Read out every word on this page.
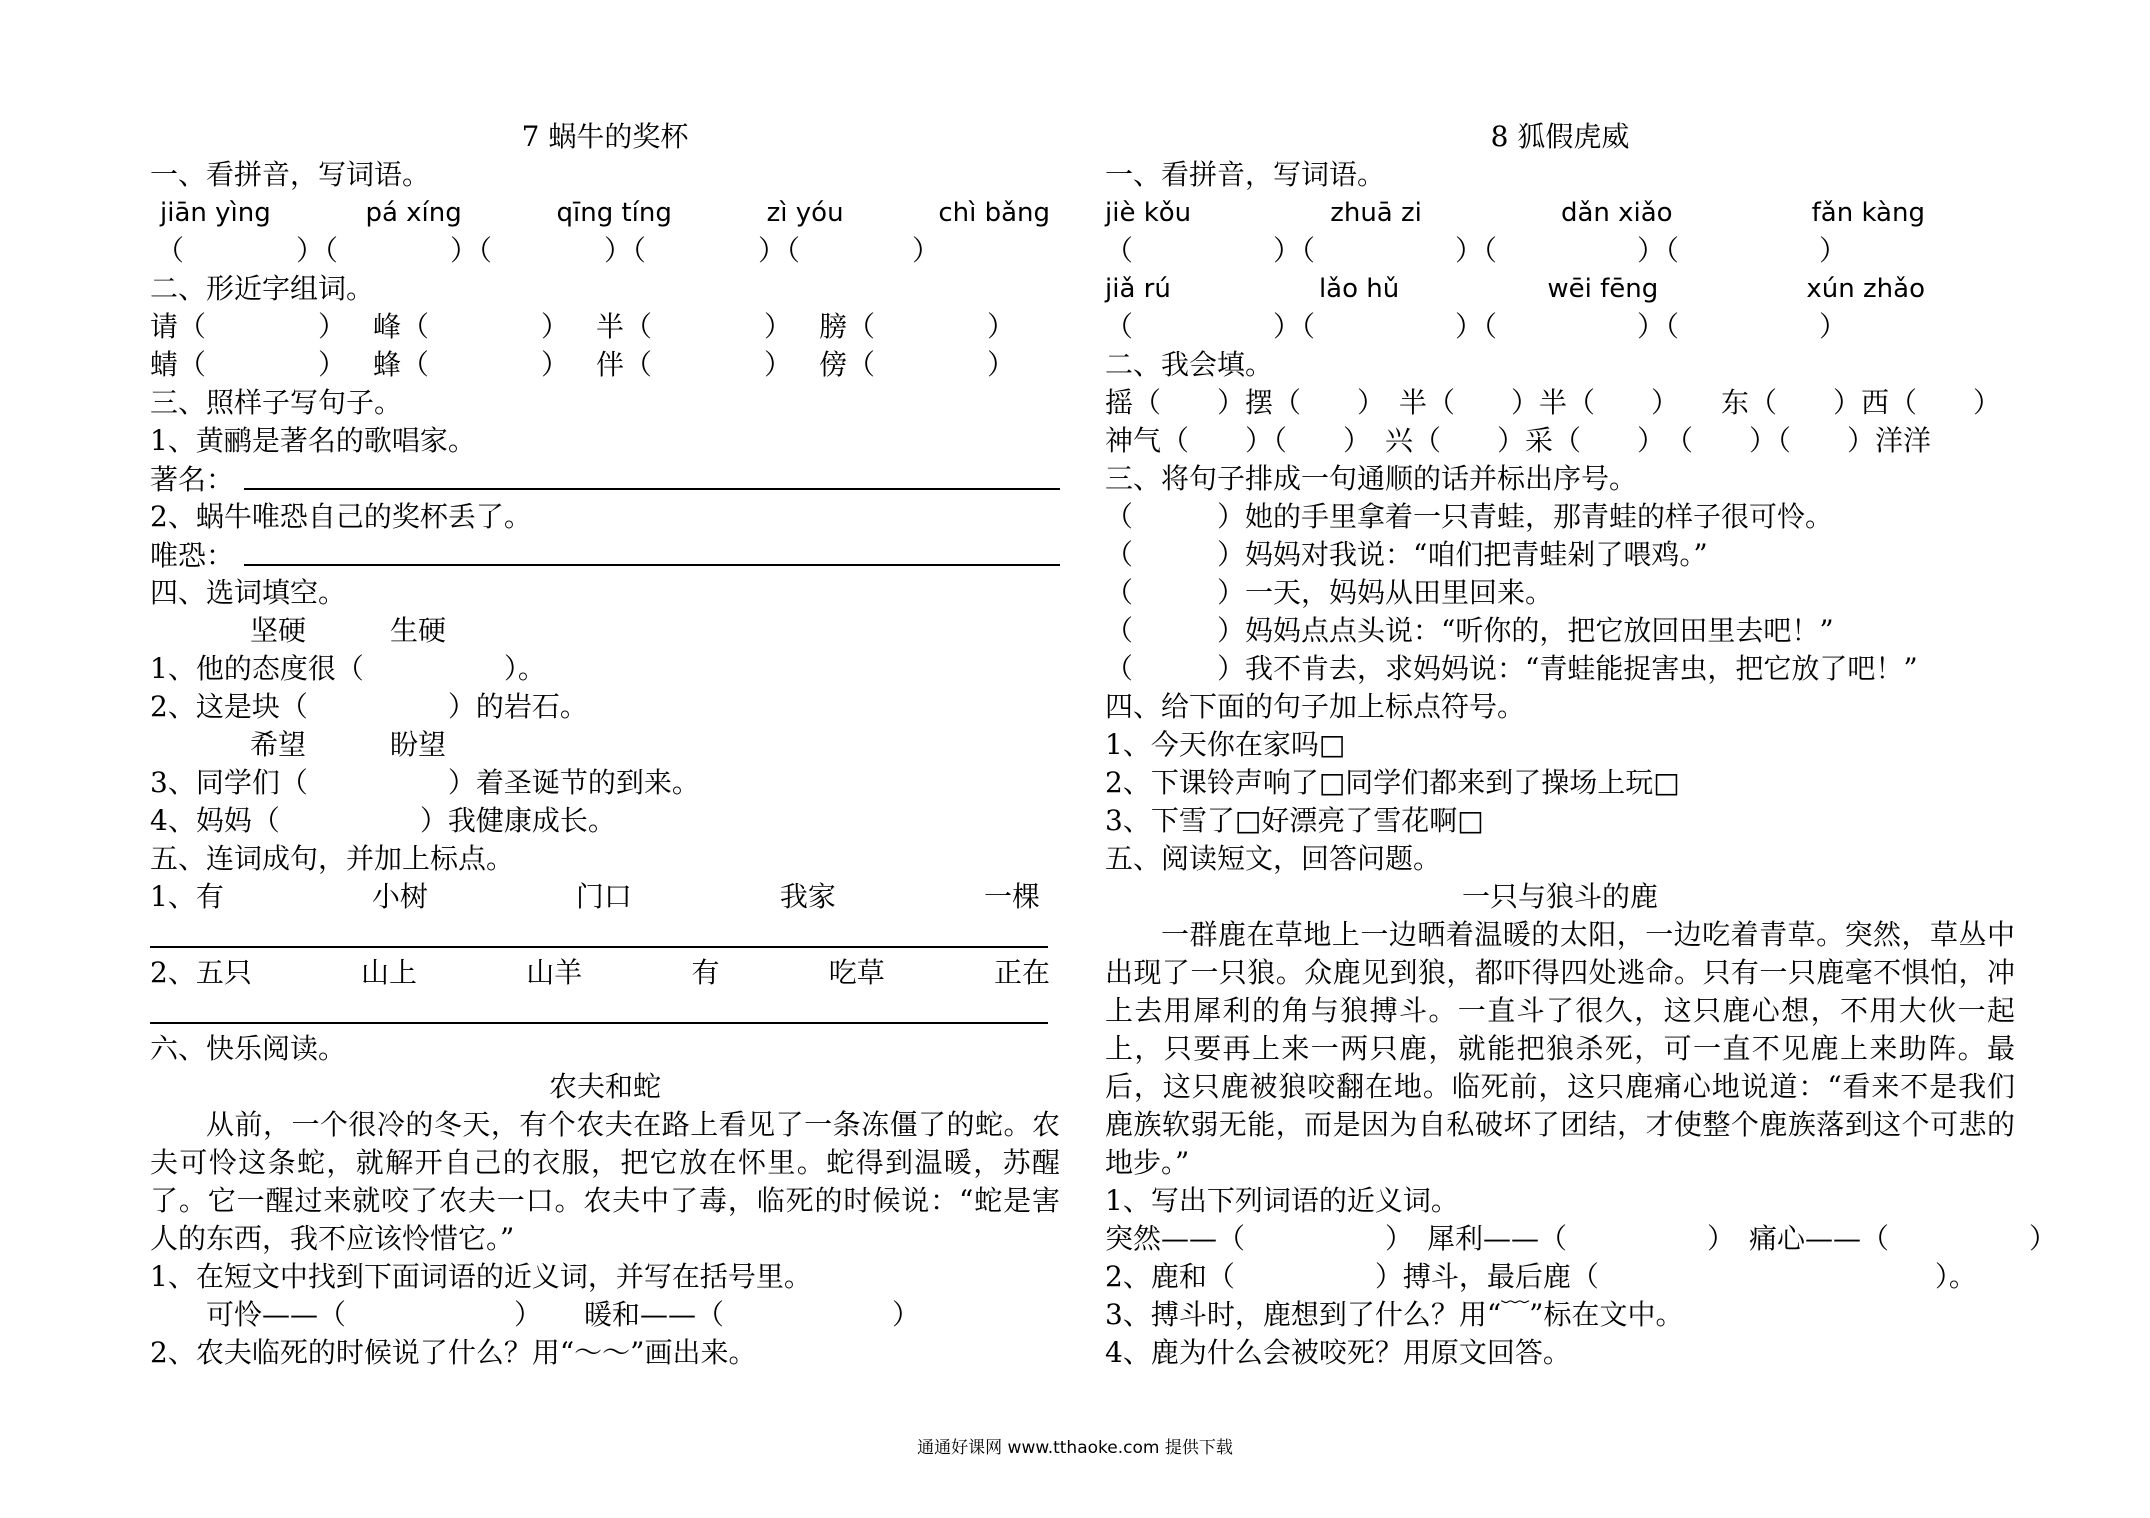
7 蜗牛的奖杯
一、看拼音，写词语。
jiān yìng	pá xíng	qīng tíng	zì yóu	chì bǎng
（　　　　）（　　　　）（　　　　）（　　　　）（　　　　）
二、形近字组词。
请（　　　　） 峰（　　　　） 半（　　　　） 膀（　　　　）
蜻（　　　　） 蜂（　　　　） 伴（　　　　） 傍（　　　　）
三、照样子写句子。
1、黄鹂是著名的歌唱家。
著名：
2、蜗牛唯恐自己的奖杯丢了。
唯恐：
四、选词填空。
坚硬　　　生硬
1、他的态度很（　　　　　）。
2、这是块（　　　　　）的岩石。
希望　　　盼望
3、同学们（　　　　　）着圣诞节的到来。
4、妈妈（　　　　　）我健康成长。
五、连词成句，并加上标点。
1、有	小树	门口	我家	一棵
2、五只	山上	山羊	有	吃草	正在
六、快乐阅读。
农夫和蛇
从前，一个很冷的冬天，有个农夫在路上看见了一条冻僵了的蛇。农夫可怜这条蛇，就解开自己的衣服，把它放在怀里。蛇得到温暖，苏醒了。它一醒过来就咬了农夫一口。农夫中了毒，临死的时候说：“蛇是害人的东西，我不应该怜惜它。”
1、在短文中找到下面词语的近义词，并写在括号里。
　　可怜——（　　　　　　）　　暖和——（　　　　　　）
2、农夫临死的时候说了什么？用“～～”画出来。
8 狐假虎威
一、看拼音，写词语。
jiè kǒu	zhuā zi	dǎn xiǎo	fǎn kàng
（　　　　　）（　　　　　）（　　　　　）（　　　　　）
jiǎ rú	lǎo hǔ	wēi fēng	xún zhǎo
（　　　　　）（　　　　　）（　　　　　）（　　　　　）
二、我会填。
摇（　　）摆（　　）　半（　　）半（　　）　　东（　　）西（　　）
神气（　　）（　　）　兴（　　）采（　　）　（　　）（　　）洋洋
三、将句子排成一句通顺的话并标出序号。
（　　　）她的手里拿着一只青蛙，那青蛙的样子很可怜。
（　　　）妈妈对我说：“咱们把青蛙剁了喂鸡。”
（　　　）一天，妈妈从田里回来。
（　　　）妈妈点点头说：“听你的，把它放回田里去吧！”
（　　　）我不肯去，求妈妈说：“青蛙能捉害虫，把它放了吧！”
四、给下面的句子加上标点符号。
1、今天你在家吗□
2、下课铃声响了□同学们都来到了操场上玩□
3、下雪了□好漂亮了雪花啊□
五、阅读短文，回答问题。
一只与狼斗的鹿
一群鹿在草地上一边晒着温暖的太阳，一边吃着青草。突然，草丛中出现了一只狼。众鹿见到狼，都吓得四处逃命。只有一只鹿毫不惧怕，冲上去用犀利的角与狼搏斗。一直斗了很久，这只鹿心想，不用大伙一起上，只要再上来一两只鹿，就能把狼杀死，可一直不见鹿上来助阵。最后，这只鹿被狼咬翻在地。临死前，这只鹿痛心地说道：“看来不是我们鹿族软弱无能，而是因为自私破坏了团结，才使整个鹿族落到这个可悲的地步。”
1、写出下列词语的近义词。
突然——（　　　　　）　犀利——（　　　　　）　痛心——（　　　　　）
2、鹿和（　　　　　）搏斗，最后鹿（　　　　　　　　　　　　）。
3、搏斗时，鹿想到了什么？用“﹋”标在文中。
4、鹿为什么会被咬死？用原文回答。
通通好课网 www.tthaoke.com 提供下载
